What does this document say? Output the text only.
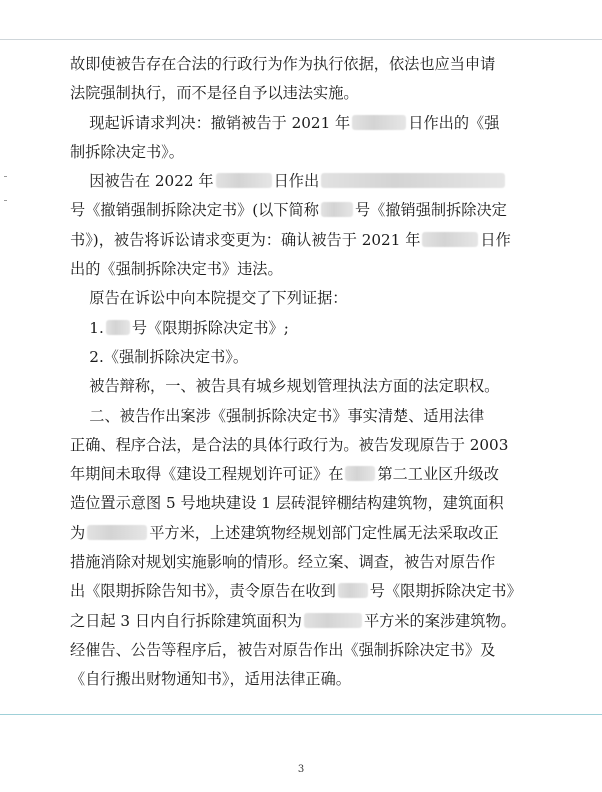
故即使被告存在合法的行政行为作为执行依据，依法也应当申请
法院强制执行，而不是径自予以违法实施。
现起诉请求判决：撤销被告于 2021 年	日作出的《强
制拆除决定书》。
因被告在 2022 年	日作出
号《撤销强制拆除决定书》(以下简称 号《撤销强制拆除决定
书》)，被告将诉讼请求变更为：确认被告于 2021 年	日作
出的《强制拆除决定书》违法。
原告在诉讼中向本院提交了下列证据：
1. 号《限期拆除决定书》;
2.《强制拆除决定书》。
被告辩称，一、被告具有城乡规划管理执法方面的法定职权。
二、被告作出案涉《强制拆除决定书》事实清楚、适用法律
正确、程序合法，是合法的具体行政行为。被告发现原告于 2003
年期间未取得《建设工程规划许可证》在 第二工业区升级改
造位置示意图 5 号地块建设 1 层砖混锌棚结构建筑物，建筑面积
为	平方米，上述建筑物经规划部门定性属无法采取改正
措施消除对规划实施影响的情形。经立案、调查，被告对原告作
出《限期拆除告知书》，责令原告在收到 号《限期拆除决定书》
之日起 3 日内自行拆除建筑面积为	平方米的案涉建筑物。
经催告、公告等程序后，被告对原告作出《强制拆除决定书》及
《自行搬出财物通知书》，适用法律正确。
3
